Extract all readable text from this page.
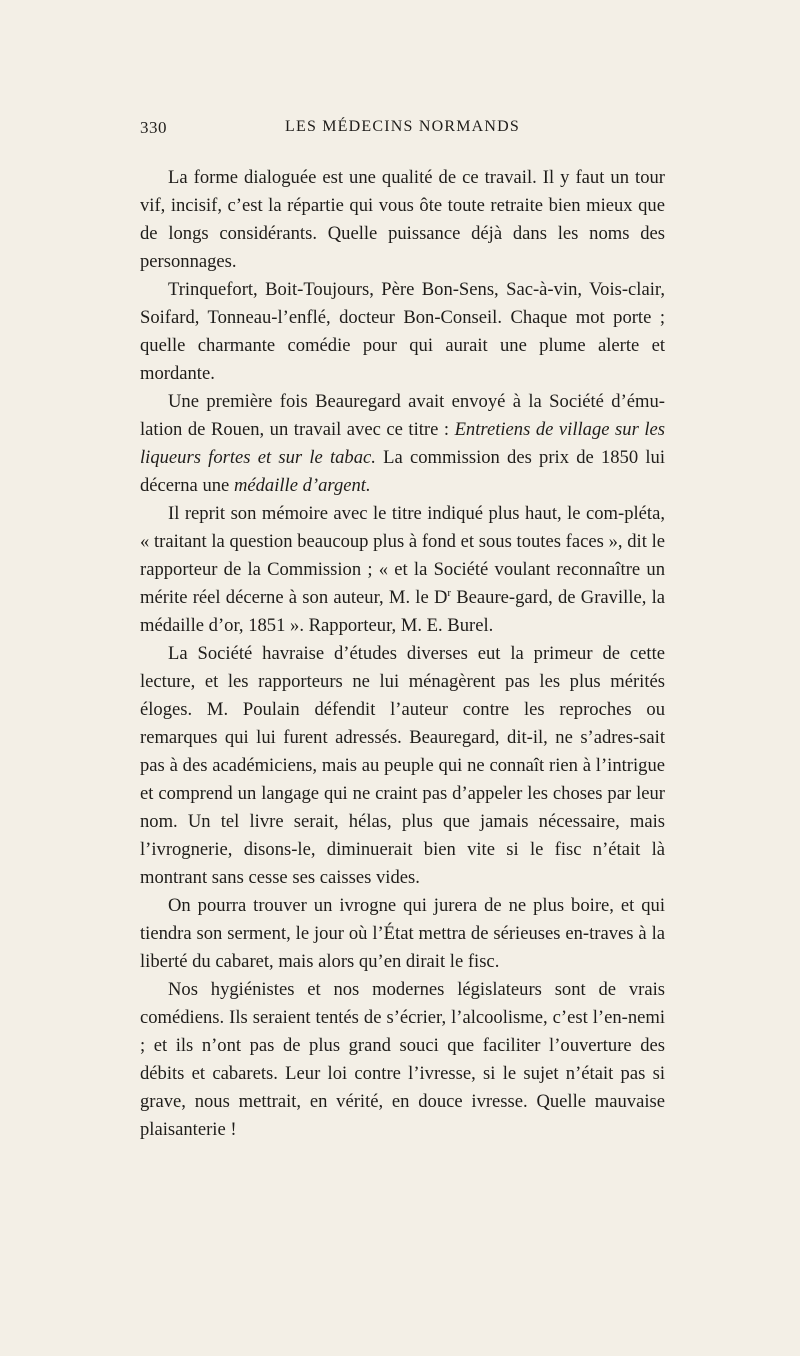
330	LES MÉDECINS NORMANDS

La forme dialoguée est une qualité de ce travail. Il y faut un tour vif, incisif, c’est la répartie qui vous ôte toute retraite bien mieux que de longs considérants. Quelle puissance déjà dans les noms des personnages.

Trinquefort, Boit-Toujours, Père Bon-Sens, Sac-à-vin, Vois-clair, Soifard, Tonneau-l’enflé, docteur Bon-Conseil. Chaque mot porte ; quelle charmante comédie pour qui aurait une plume alerte et mordante.

Une première fois Beauregard avait envoyé à la Société d’ému-lation de Rouen, un travail avec ce titre : Entretiens de village sur les liqueurs fortes et sur le tabac. La commission des prix de 1850 lui décerna une médaille d’argent.

Il reprit son mémoire avec le titre indiqué plus haut, le com-pléta, « traitant la question beaucoup plus à fond et sous toutes faces », dit le rapporteur de la Commission ; « et la Société voulant reconnaître un mérite réel décerne à son auteur, M. le $D^r$ Beaure-gard, de Graville, la médaille d’or, 1851 ». Rapporteur, M. E. Burel.

La Société havraise d’études diverses eut la primeur de cette lecture, et les rapporteurs ne lui ménagèrent pas les plus mérités éloges. M. Poulain défendit l’auteur contre les reproches ou remarques qui lui furent adressés. Beauregard, dit-il, ne s’adres-sait pas à des académiciens, mais au peuple qui ne connaît rien à l’intrigue et comprend un langage qui ne craint pas d’appeler les choses par leur nom. Un tel livre serait, hélas, plus que jamais nécessaire, mais l’ivrognerie, disons-le, diminuerait bien vite si le fisc n’était là montrant sans cesse ses caisses vides.

On pourra trouver un ivrogne qui jurera de ne plus boire, et qui tiendra son serment, le jour où l’État mettra de sérieuses en-traves à la liberté du cabaret, mais alors qu’en dirait le fisc.

Nos hygiénistes et nos modernes législateurs sont de vrais comédiens. Ils seraient tentés de s’écrier, l’alcoolisme, c’est l’en-nemi ; et ils n’ont pas de plus grand souci que faciliter l’ouverture des débits et cabarets. Leur loi contre l’ivresse, si le sujet n’était pas si grave, nous mettrait, en vérité, en douce ivresse. Quelle mauvaise plaisanterie !
